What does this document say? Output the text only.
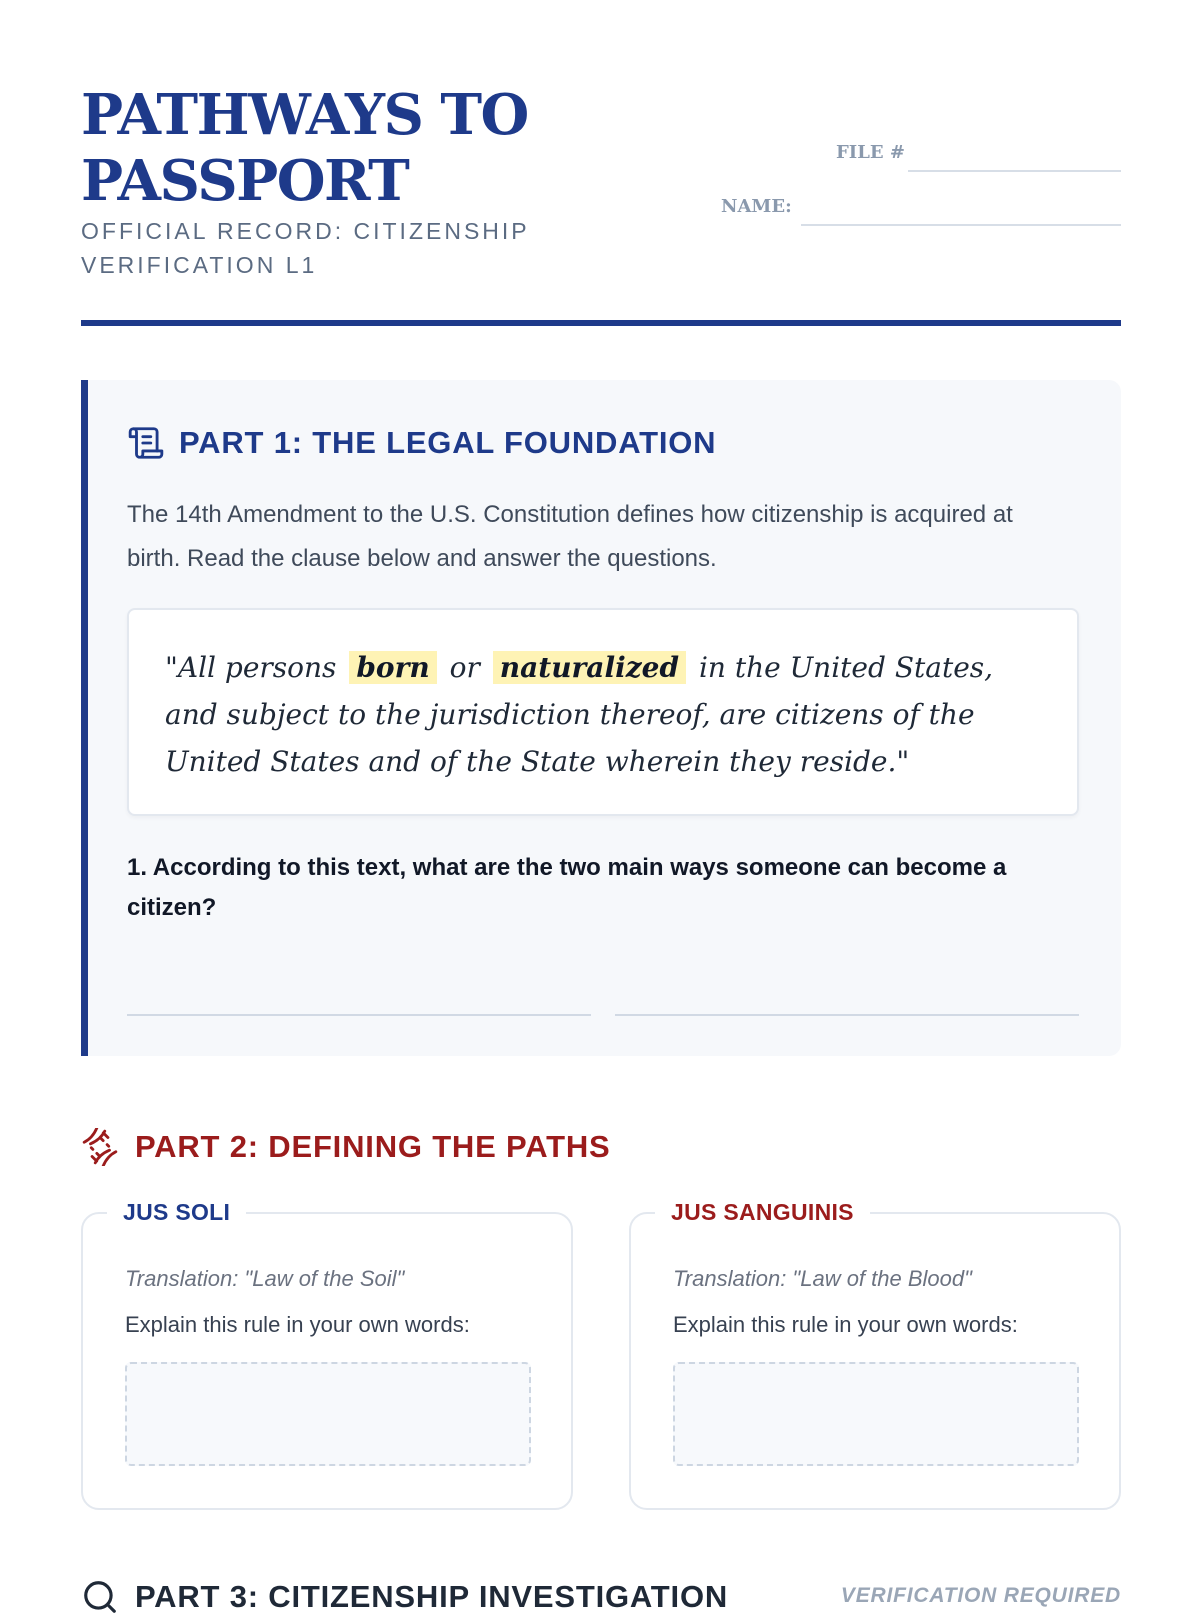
PATHWAYS TO PASSPORT
OFFICIAL RECORD: CITIZENSHIP VERIFICATION L1
FILE #
NAME:
PART 1: THE LEGAL FOUNDATION
The 14th Amendment to the U.S. Constitution defines how citizenship is acquired at birth. Read the clause below and answer the questions.
"All persons born or naturalized in the United States, and subject to the jurisdiction thereof, are citizens of the United States and of the State wherein they reside."
1. According to this text, what are the two main ways someone can become a citizen?
PART 2: DEFINING THE PATHS
JUS SOLI
Translation: "Law of the Soil"
Explain this rule in your own words:
JUS SANGUINIS
Translation: "Law of the Blood"
Explain this rule in your own words:
PART 3: CITIZENSHIP INVESTIGATION	VERIFICATION REQUIRED
